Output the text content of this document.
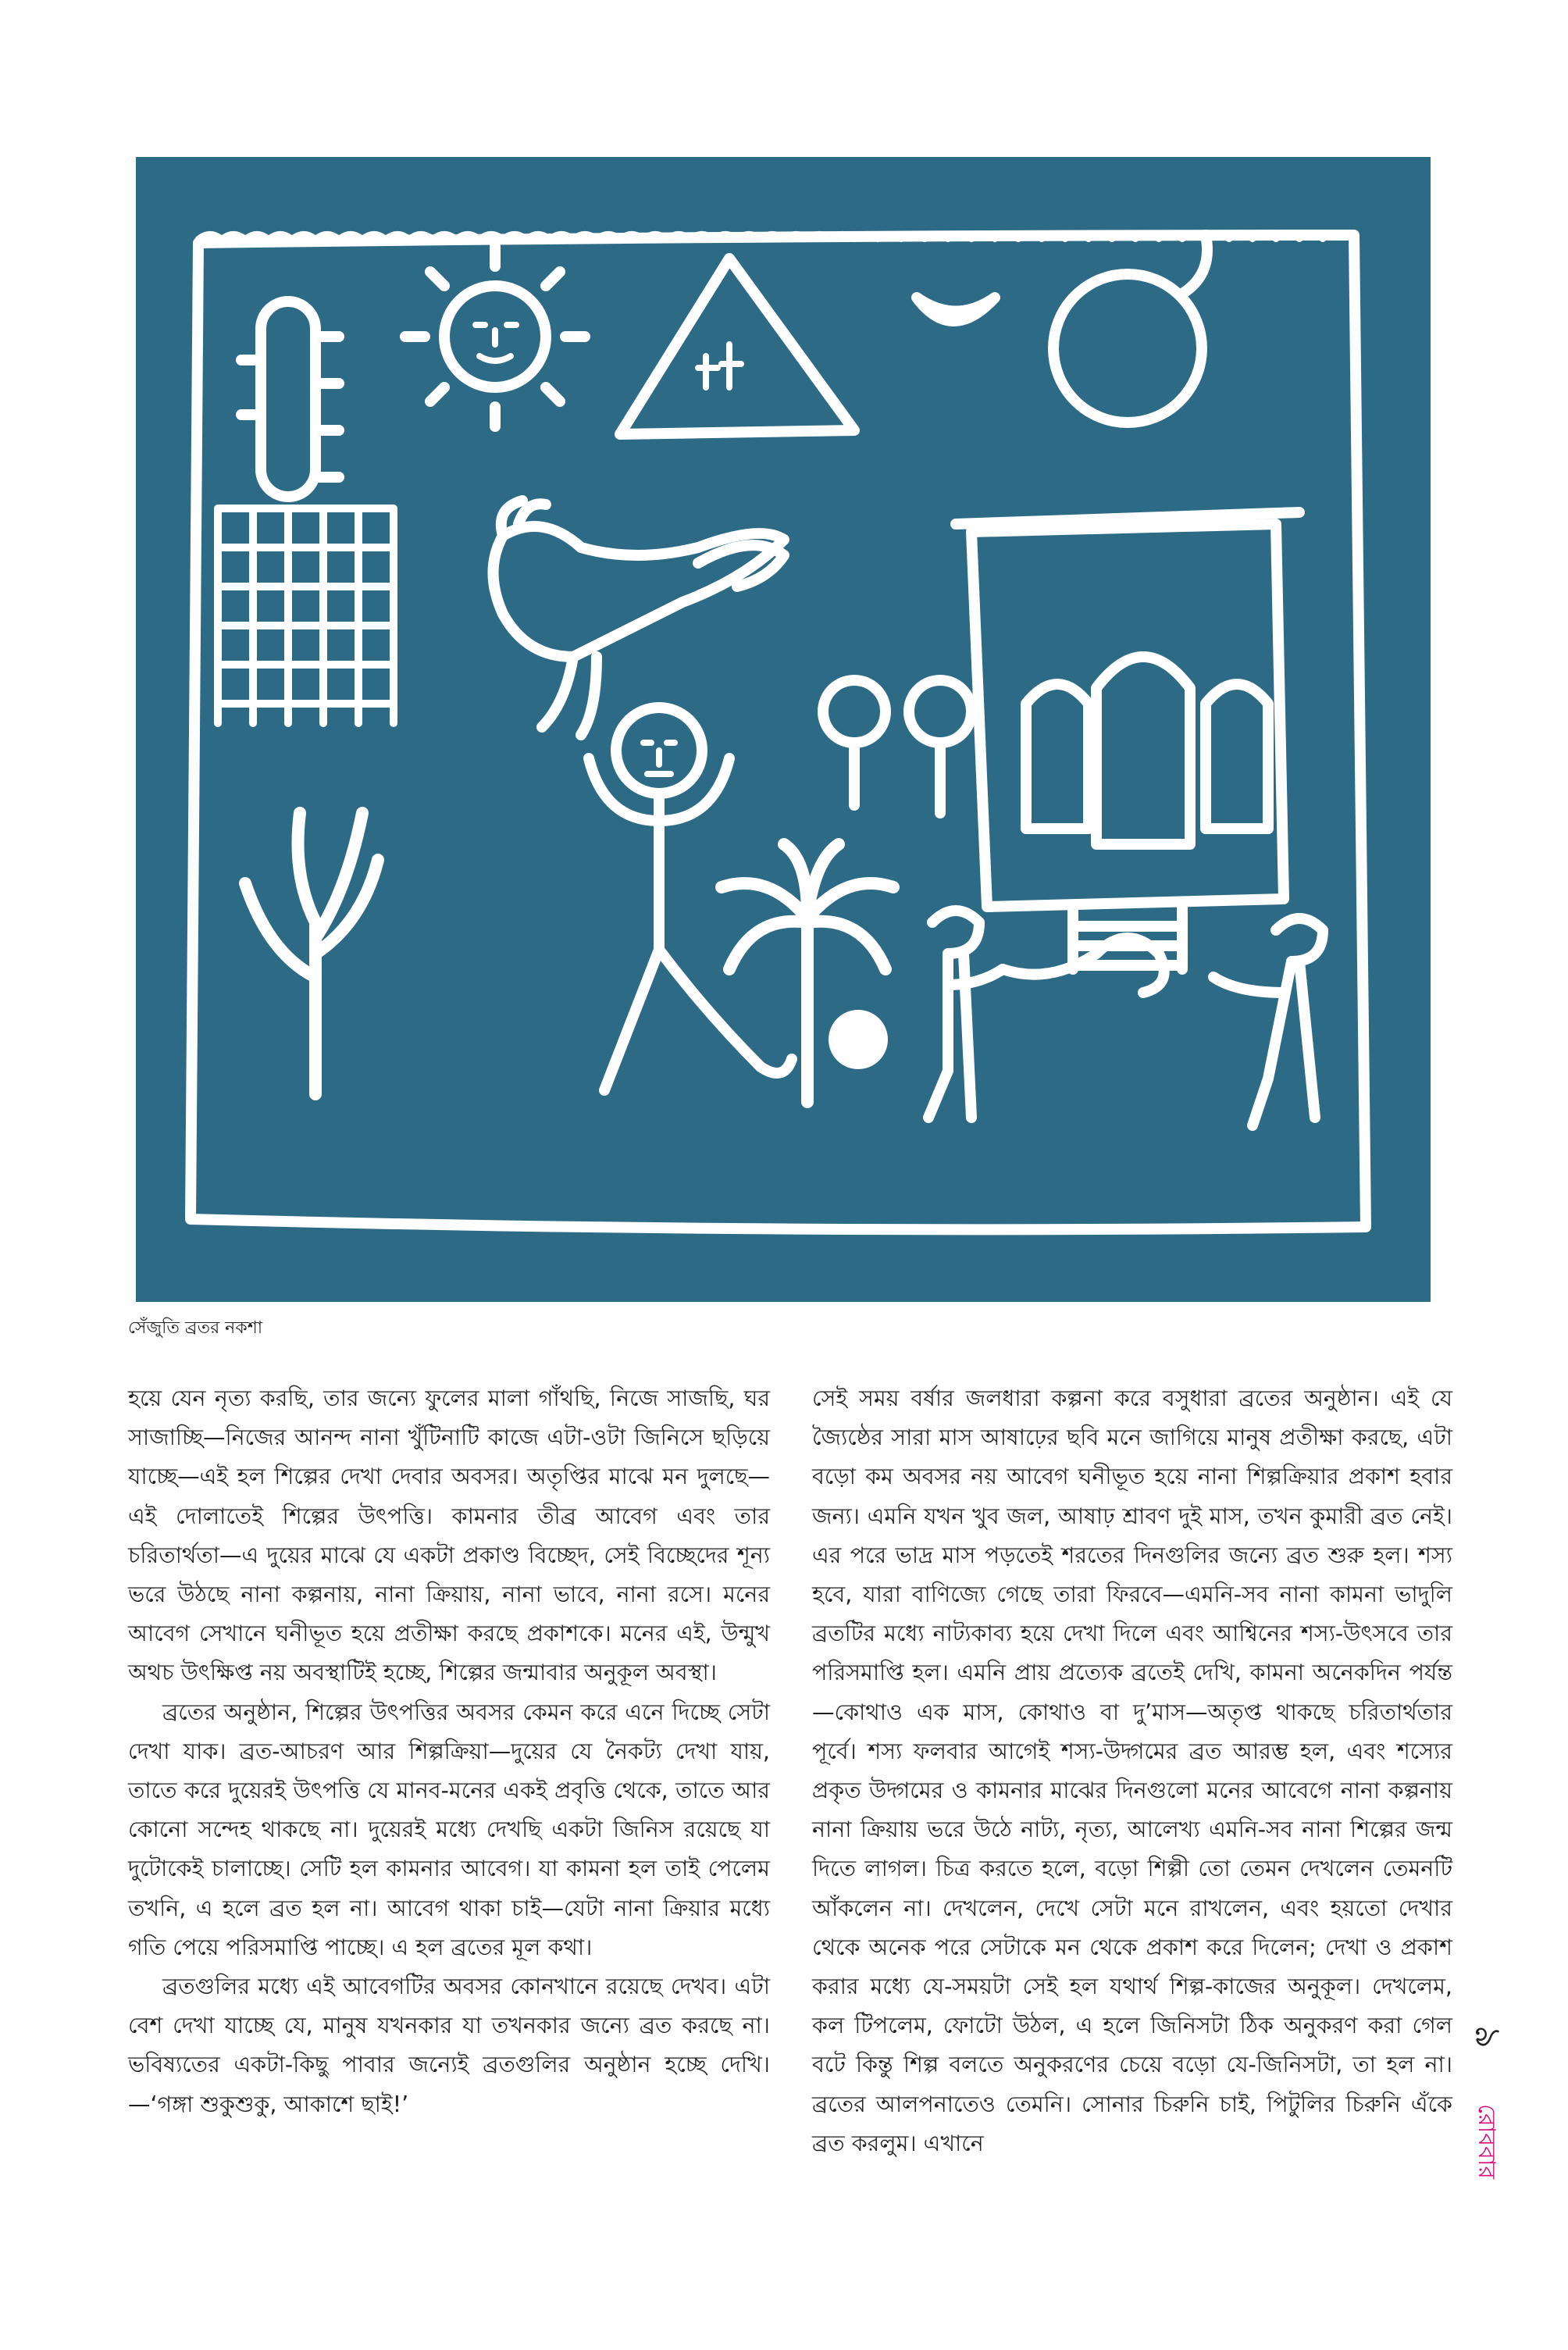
সেঁজুতি ব্রতর নকশা

হয়ে যেন নৃত্য করছি, তার জন্যে ফুলের মালা গাঁথছি, নিজে সাজছি, ঘর সাজাচ্ছি—নিজের আনন্দ নানা খুঁটিনাটি কাজে এটা-ওটা জিনিসে ছড়িয়ে যাচ্ছে—এই হল শিল্পের দেখা দেবার অবসর। অতৃপ্তির মাঝে মন দুলছে—এই দোলাতেই শিল্পের উৎপত্তি। কামনার তীব্র আবেগ এবং তার চরিতার্থতা—এ দুয়ের মাঝে যে একটা প্রকাণ্ড বিচ্ছেদ, সেই বিচ্ছেদের শূন্য ভরে উঠছে নানা কল্পনায়, নানা ক্রিয়ায়, নানা ভাবে, নানা রসে। মনের আবেগ সেখানে ঘনীভূত হয়ে প্রতীক্ষা করছে প্রকাশকে। মনের এই, উন্মুখ অথচ উৎক্ষিপ্ত নয় অবস্থাটিই হচ্ছে, শিল্পের জন্মাবার অনুকূল অবস্থা।

ব্রতের অনুষ্ঠান, শিল্পের উৎপত্তির অবসর কেমন করে এনে দিচ্ছে সেটা দেখা যাক। ব্রত-আচরণ আর শিল্পক্রিয়া—দুয়ের যে নৈকট্য দেখা যায়, তাতে করে দুয়েরই উৎপত্তি যে মানব-মনের একই প্রবৃত্তি থেকে, তাতে আর কোনো সন্দেহ থাকছে না। দুয়েরই মধ্যে দেখছি একটা জিনিস রয়েছে যা দুটোকেই চালাচ্ছে। সেটি হল কামনার আবেগ। যা কামনা হল তাই পেলেম তখনি, এ হলে ব্রত হল না। আবেগ থাকা চাই—যেটা নানা ক্রিয়ার মধ্যে গতি পেয়ে পরিসমাপ্তি পাচ্ছে। এ হল ব্রতের মূল কথা।

ব্রতগুলির মধ্যে এই আবেগটির অবসর কোনখানে রয়েছে দেখব। এটা বেশ দেখা যাচ্ছে যে, মানুষ যখনকার যা তখনকার জন্যে ব্রত করছে না। ভবিষ্যতের একটা-কিছু পাবার জন্যেই ব্রতগুলির অনুষ্ঠান হচ্ছে দেখি।—‘গঙ্গা শুকুশুকু, আকাশে ছাই!’

সেই সময় বর্ষার জলধারা কল্পনা করে বসুধারা ব্রতের অনুষ্ঠান। এই যে জ্যৈষ্ঠের সারা মাস আষাঢ়ের ছবি মনে জাগিয়ে মানুষ প্রতীক্ষা করছে, এটা বড়ো কম অবসর নয় আবেগ ঘনীভূত হয়ে নানা শিল্পক্রিয়ার প্রকাশ হবার জন্য। এমনি যখন খুব জল, আষাঢ় শ্রাবণ দুই মাস, তখন কুমারী ব্রত নেই। এর পরে ভাদ্র মাস পড়তেই শরতের দিনগুলির জন্যে ব্রত শুরু হল। শস্য হবে, যারা বাণিজ্যে গেছে তারা ফিরবে—এমনি-সব নানা কামনা ভাদুলি ব্রতটির মধ্যে নাট্যকাব্য হয়ে দেখা দিলে এবং আশ্বিনের শস্য-উৎসবে তার পরিসমাপ্তি হল। এমনি প্রায় প্রত্যেক ব্রতেই দেখি, কামনা অনেকদিন পর্যন্ত—কোথাও এক মাস, কোথাও বা দু’মাস—অতৃপ্ত থাকছে চরিতার্থতার পূর্বে। শস্য ফলবার আগেই শস্য-উদ্গমের ব্রত আরম্ভ হল, এবং শস্যের প্রকৃত উদ্গমের ও কামনার মাঝের দিনগুলো মনের আবেগে নানা কল্পনায় নানা ক্রিয়ায় ভরে উঠে নাট্য, নৃত্য, আলেখ্য এমনি-সব নানা শিল্পের জন্ম দিতে লাগল। চিত্র করতে হলে, বড়ো শিল্পী তো তেমন দেখলেন তেমনটি আঁকলেন না। দেখলেন, দেখে সেটা মনে রাখলেন, এবং হয়তো দেখার থেকে অনেক পরে সেটাকে মন থেকে প্রকাশ করে দিলেন; দেখা ও প্রকাশ করার মধ্যে যে-সময়টা সেই হল যথার্থ শিল্প-কাজের অনুকূল। দেখলেম, কল টিপলেম, ফোটো উঠল, এ হলে জিনিসটা ঠিক অনুকরণ করা গেল বটে কিন্তু শিল্প বলতে অনুকরণের চেয়ে বড়ো যে-জিনিসটা, তা হল না। ব্রতের আলপনাতেও তেমনি। সোনার চিরুনি চাই, পিটুলির চিরুনি এঁকে ব্রত করলুম। এখানে

৯
রোববার
